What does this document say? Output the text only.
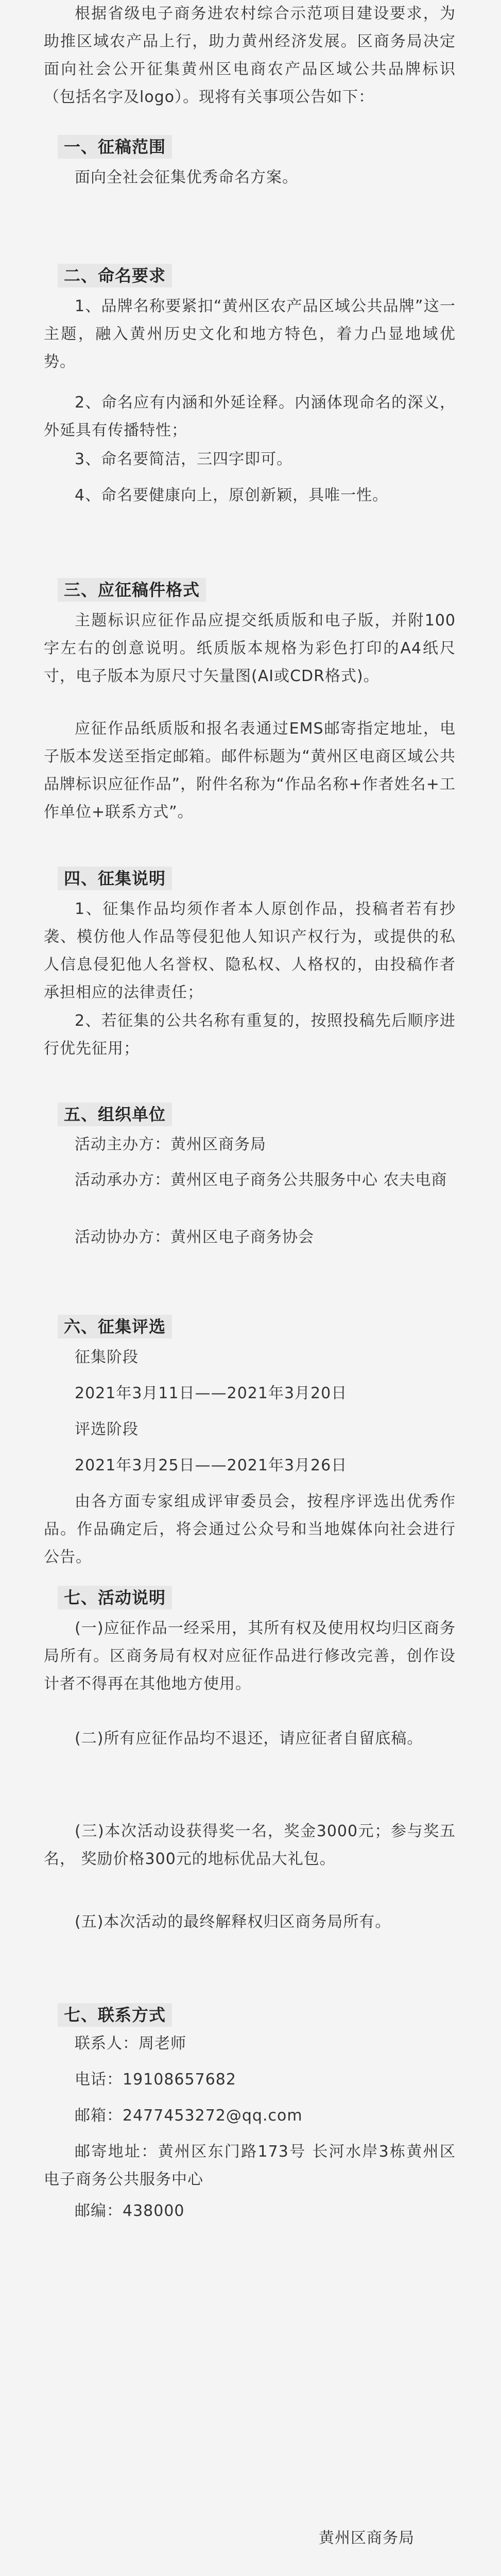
根据省级电子商务进农村综合示范项目建设要求，为助推区域农产品上行，助力黄州经济发展。区商务局决定面向社会公开征集黄州区电商农产品区域公共品牌标识（包括名字及logo）。现将有关事项公告如下：

一、征稿范围

面向全社会征集优秀命名方案。

二、命名要求

1、品牌名称要紧扣“黄州区农产品区域公共品牌”这一主题，融入黄州历史文化和地方特色，着力凸显地域优势。

2、命名应有内涵和外延诠释。内涵体现命名的深义，外延具有传播特性；

3、命名要简洁，三四字即可。

4、命名要健康向上，原创新颖，具唯一性。

三、应征稿件格式

主题标识应征作品应提交纸质版和电子版，并附100字左右的创意说明。纸质版本规格为彩色打印的A4纸尺寸，电子版本为原尺寸矢量图(AI或CDR格式)。

应征作品纸质版和报名表通过EMS邮寄指定地址，电子版本发送至指定邮箱。邮件标题为“黄州区电商区域公共品牌标识应征作品”，附件名称为“作品名称+作者姓名+工作单位+联系方式”。

四、征集说明

1、征集作品均须作者本人原创作品，投稿者若有抄袭、模仿他人作品等侵犯他人知识产权行为，或提供的私人信息侵犯他人名誉权、隐私权、人格权的，由投稿作者承担相应的法律责任；

2、若征集的公共名称有重复的，按照投稿先后顺序进行优先征用；

五、组织单位

活动主办方：黄州区商务局

活动承办方：黄州区电子商务公共服务中心 农夫电商

活动协办方：黄州区电子商务协会

六、征集评选

征集阶段

2021年3月11日——2021年3月20日

评选阶段

2021年3月25日——2021年3月26日

由各方面专家组成评审委员会，按程序评选出优秀作品。作品确定后，将会通过公众号和当地媒体向社会进行公告。

七、活动说明

(一)应征作品一经采用，其所有权及使用权均归区商务局所有。区商务局有权对应征作品进行修改完善，创作设计者不得再在其他地方使用。

(二)所有应征作品均不退还，请应征者自留底稿。

(三)本次活动设获得奖一名，奖金3000元；参与奖五名， 奖励价格300元的地标优品大礼包。

(五)本次活动的最终解释权归区商务局所有。

七、联系方式

联系人：周老师

电话：19108657682

邮箱：2477453272@qq.com

邮寄地址：黄州区东门路173号 长河水岸3栋黄州区电子商务公共服务中心

邮编：438000

黄州区商务局
